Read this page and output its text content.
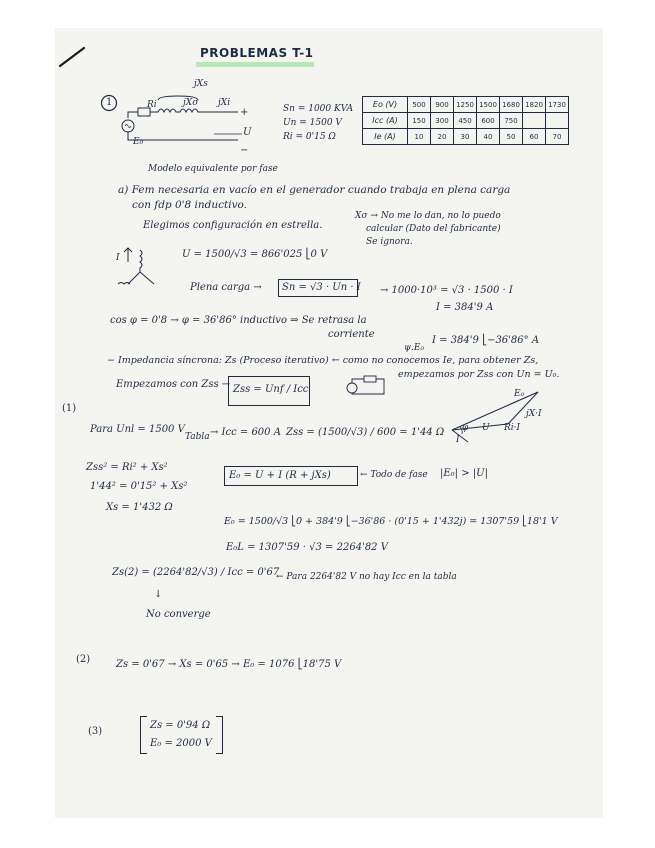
PROBLEMAS T-1
1
jXs
Ri	jXσ jXi
+
−
E₀
U
Modelo equivalente por fase
Sn = 1000 KVA
Un = 1500 V
Ri = 0'15 Ω
Eo (V)	500	900	1250	1500	1680	1820	1730
Icc (A)	150	300	450	600	750		
Ie (A)	10	20	30	40	50	60	70
a) Fem necesaria en vacío en el generador cuando trabaja en plena carga
con fdp 0'8 inductivo.
Elegimos configuración en estrella.
Xσ → No me lo dan, no lo puedo
calcular (Dato del fabricante)
Se ignora.
I	U = 1500/√3 = 866'025 ⎣0 V
Plena carga → Sn = √3 · Un · I → 1000·10³ = √3 · 1500 · I
I = 384'9 A
cos φ = 0'8 → φ = 36'86° inductivo ⇒ Se retrasa la
corriente
ψ.E₀
I = 384'9 ⎣−36'86° A
− Impedancia síncrona: Zs (Proceso iterativo) ← como no conocemos Ie, para obtener Zs,
empezamos por Zss con Un = U₀.
Empezamos con Zss → Zss = Unf / Icc
(1)
Para Unl = 1500 V
Tabla → Icc = 600 A Zss = (1500/√3) / 600 = 1'44 Ω
E₀
jX·I
U Ri·I
I
φ
Zss² = Ri² + Xs²
1'44² = 0'15² + Xs²
E₀ = U + I (R + jXs)	← Todo de fase |E₀| > |U|
Xs = 1'432 Ω
E₀ = 1500/√3 ⎣0 + 384'9 ⎣−36'86 · (0'15 + 1'432j) = 1307'59 ⎣18'1 V
E₀L = 1307'59 · √3 = 2264'82 V
Zs(2) = (2264'82/√3) / Icc = 0'67
← Para 2264'82 V no hay Icc en la tabla
↓
No converge
(2)	Zs = 0'67 → Xs = 0'65 → E₀ = 1076 ⎣18'75 V
(3)
Zs = 0'94 Ω
E₀ = 2000 V
